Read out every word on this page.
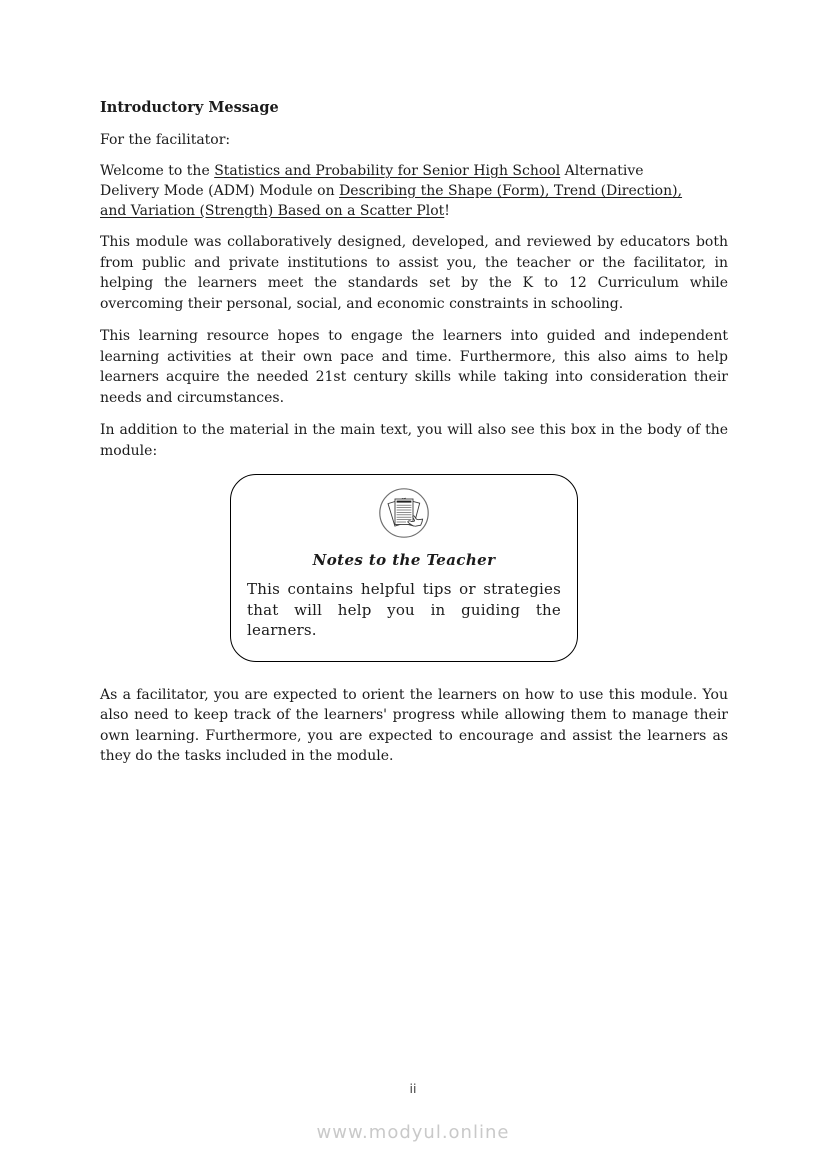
Introductory Message

For the facilitator:

Welcome to the Statistics and Probability for Senior High School Alternative
Delivery Mode (ADM) Module on Describing the Shape (Form), Trend (Direction),
and Variation (Strength) Based on a Scatter Plot!

This module was collaboratively designed, developed, and reviewed by educators both from public and private institutions to assist you, the teacher or the facilitator, in helping the learners meet the standards set by the K to 12 Curriculum while overcoming their personal, social, and economic constraints in schooling.

This learning resource hopes to engage the learners into guided and independent learning activities at their own pace and time. Furthermore, this also aims to help learners acquire the needed 21st century skills while taking into consideration their needs and circumstances.

In addition to the material in the main text, you will also see this box in the body of the module:

Notes to the Teacher

This contains helpful tips or strategies that will help you in guiding the learners.

As a facilitator, you are expected to orient the learners on how to use this module. You also need to keep track of the learners' progress while allowing them to manage their own learning. Furthermore, you are expected to encourage and assist the learners as they do the tasks included in the module.

ii
www.modyul.online
